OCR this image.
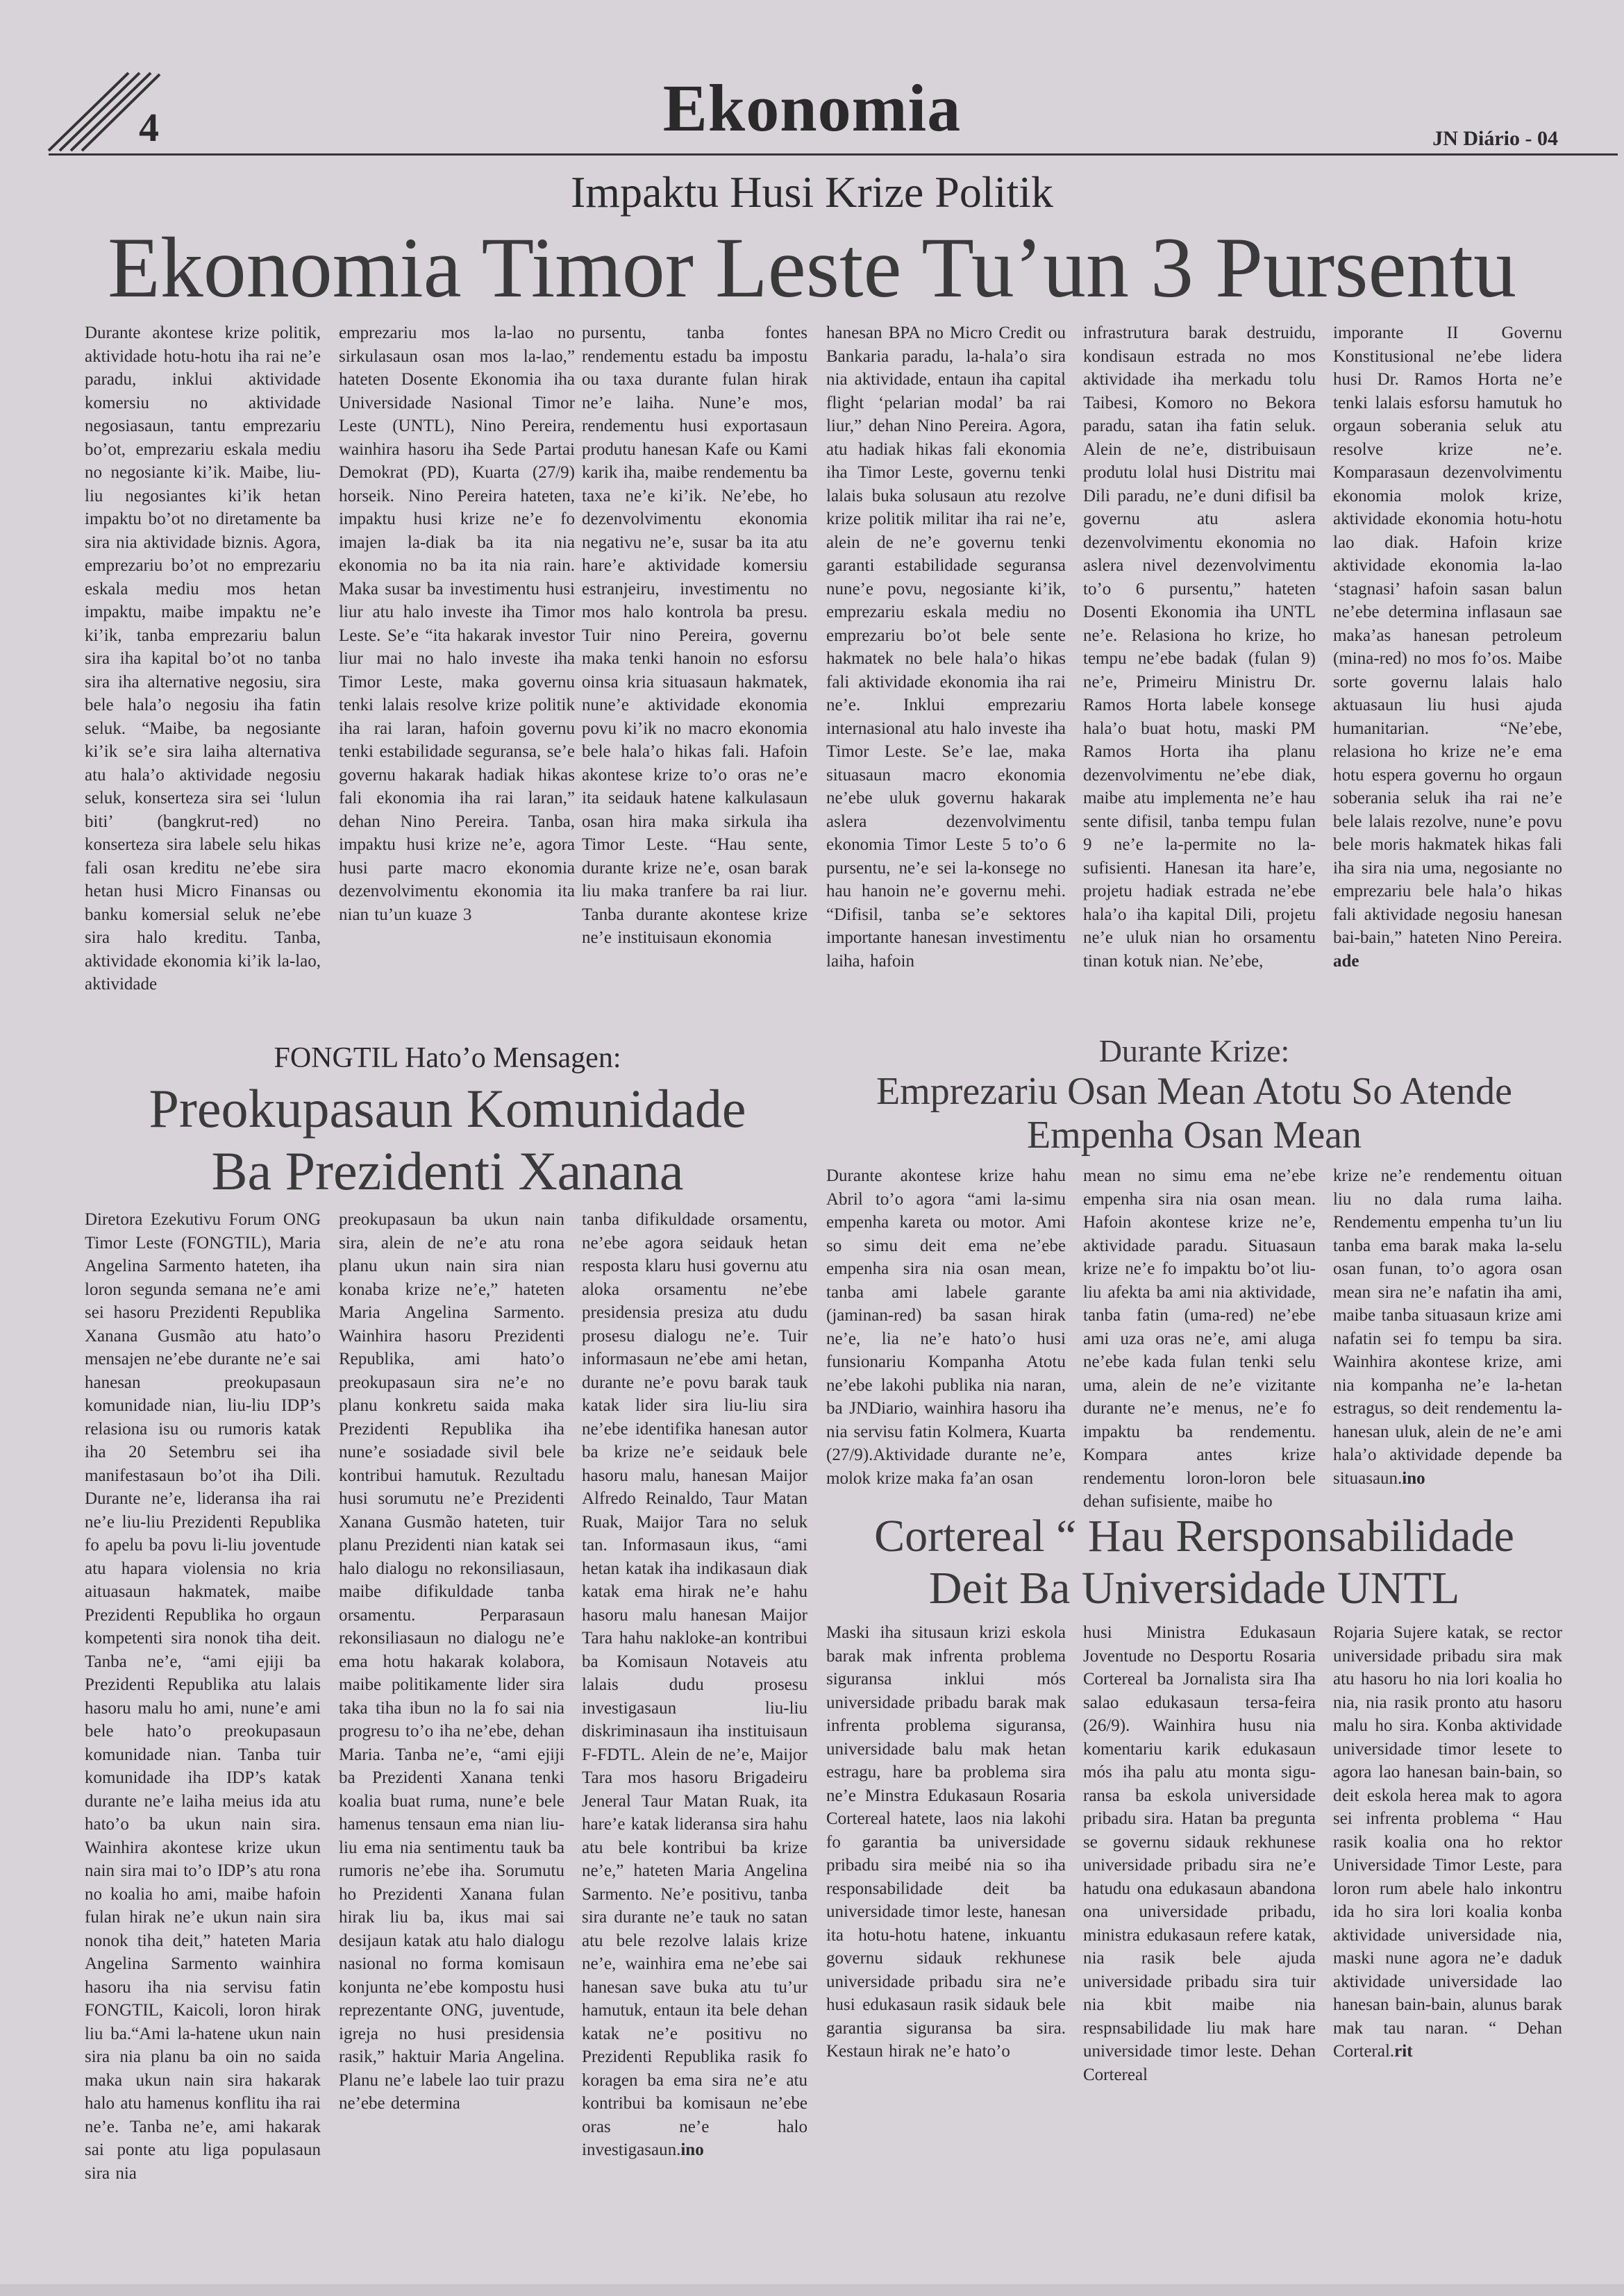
4	Ekonomia	JN Diário - 04
Impaktu Husi Krize Politik
Ekonomia Timor Leste Tu’un 3 Pursentu

Durante akontese krize politik, aktividade hotu-hotu iha rai ne’e paradu, inklui aktividade komersiu no aktividade negosiasaun, tantu emprezariu bo’ot, emprezariu eskala mediu no negosiante ki’ik. Maibe, liu-liu negosiantes ki’ik hetan impaktu bo’ot no diretamente ba sira nia aktividade biznis. Agora, emprezariu bo’ot no emprezariu eskala mediu mos hetan impaktu, maibe impaktu ne’e ki’ik, tanba emprezariu balun sira iha kapital bo’ot no tanba sira iha alternative negosiu, sira bele hala’o negosiu iha fatin seluk. “Maibe, ba negosiante ki’ik se’e sira laiha alternativa atu hala’o aktividade negosiu seluk, konserteza sira sei ‘lulun biti’ (bangkrut-red) no konserteza sira labele selu hikas fali osan kreditu ne’ebe sira hetan husi Micro Finansas ou banku komersial seluk ne’ebe sira halo kreditu. Tanba, aktividade ekonomia ki’ik la-lao, aktividade

emprezariu mos la-lao no sirkulasaun osan mos la-lao,” hateten Dosente Ekonomia iha Universidade Nasional Timor Leste (UNTL), Nino Pereira, wainhira hasoru iha Sede Partai Demokrat (PD), Kuarta (27/9) horseik. Nino Pereira hateten, impaktu husi krize ne’e fo imajen la-diak ba ita nia ekonomia no ba ita nia rain. Maka susar ba investimentu husi liur atu halo investe iha Timor Leste. Se’e “ita hakarak investor liur mai no halo investe iha Timor Leste, maka governu tenki lalais resolve krize politik iha rai laran, hafoin governu tenki estabilidade seguransa, se’e governu hakarak hadiak hikas fali ekonomia iha rai laran,” dehan Nino Pereira. Tanba, impaktu husi krize ne’e, agora husi parte macro ekonomia dezenvolvimentu ekonomia ita nian tu’un kuaze 3

pursentu, tanba fontes rendementu estadu ba impostu ou taxa durante fulan hirak ne’e laiha. Nune’e mos, rendementu husi exportasaun produtu hanesan Kafe ou Kami karik iha, maibe rendementu ba taxa ne’e ki’ik. Ne’ebe, ho dezenvolvimentu ekonomia negativu ne’e, susar ba ita atu hare’e aktividade komersiu estranjeiru, investimentu no mos halo kontrola ba presu. Tuir nino Pereira, governu maka tenki hanoin no esforsu oinsa kria situasaun hakmatek, nune’e aktividade ekonomia povu ki’ik no macro ekonomia bele hala’o hikas fali. Hafoin akontese krize to’o oras ne’e ita seidauk hatene kalkulasaun osan hira maka sirkula iha Timor Leste. “Hau sente, durante krize ne’e, osan barak liu maka tranfere ba rai liur. Tanba durante akontese krize ne’e instituisaun ekonomia

hanesan BPA no Micro Credit ou Bankaria paradu, la-hala’o sira nia aktividade, entaun iha capital flight ‘pelarian modal’ ba rai liur,” dehan Nino Pereira. Agora, atu hadiak hikas fali ekonomia iha Timor Leste, governu tenki lalais buka solusaun atu rezolve krize politik militar iha rai ne’e, alein de ne’e governu tenki garanti estabilidade seguransa nune’e povu, negosiante ki’ik, emprezariu eskala mediu no emprezariu bo’ot bele sente hakmatek no bele hala’o hikas fali aktividade ekonomia iha rai ne’e. Inklui emprezariu internasional atu halo investe iha Timor Leste. Se’e lae, maka situasaun macro ekonomia ne’ebe uluk governu hakarak aslera dezenvolvimentu ekonomia Timor Leste 5 to’o 6 pursentu, ne’e sei la-konsege no hau hanoin ne’e governu mehi. “Difisil, tanba se’e sektores importante hanesan investimentu laiha, hafoin

infrastrutura barak destruidu, kondisaun estrada no mos aktividade iha merkadu tolu Taibesi, Komoro no Bekora paradu, satan iha fatin seluk. Alein de ne’e, distribuisaun produtu lolal husi Distritu mai Dili paradu, ne’e duni difisil ba governu atu aslera dezenvolvimentu ekonomia no aslera nivel dezenvolvimentu to’o 6 pursentu,” hateten Dosenti Ekonomia iha UNTL ne’e. Relasiona ho krize, ho tempu ne’ebe badak (fulan 9) ne’e, Primeiru Ministru Dr. Ramos Horta labele konsege hala’o buat hotu, maski PM Ramos Horta iha planu dezenvolvimentu ne’ebe diak, maibe atu implementa ne’e hau sente difisil, tanba tempu fulan 9 ne’e la-permite no la-sufisienti. Hanesan ita hare’e, projetu hadiak estrada ne’ebe hala’o iha kapital Dili, projetu ne’e uluk nian ho orsamentu tinan kotuk nian. Ne’ebe,

imporante II Governu Konstitusional ne’ebe lidera husi Dr. Ramos Horta ne’e tenki lalais esforsu hamutuk ho orgaun soberania seluk atu resolve krize ne’e. Komparasaun dezenvolvimentu ekonomia molok krize, aktividade ekonomia hotu-hotu lao diak. Hafoin krize aktividade ekonomia la-lao ‘stagnasi’ hafoin sasan balun ne’ebe determina inflasaun sae maka’as hanesan petroleum (mina-red) no mos fo’os. Maibe sorte governu lalais halo aktuasaun liu husi ajuda humanitarian. “Ne’ebe, relasiona ho krize ne’e ema hotu espera governu ho orgaun soberania seluk iha rai ne’e bele lalais rezolve, nune’e povu bele moris hakmatek hikas fali iha sira nia uma, negosiante no emprezariu bele hala’o hikas fali aktividade negosiu hanesan bai-bain,” hateten Nino Pereira. ade

FONGTIL Hato’o Mensagen:
Preokupasaun Komunidade
Ba Prezidenti Xanana

Diretora Ezekutivu Forum ONG Timor Leste (FONGTIL), Maria Angelina Sarmento hateten, iha loron segunda semana ne’e ami sei hasoru Prezidenti Republika Xanana Gusmão atu hato’o mensajen ne’ebe durante ne’e sai hanesan preokupasaun komunidade nian, liu-liu IDP’s relasiona isu ou rumoris katak iha 20 Setembru sei iha manifestasaun bo’ot iha Dili. Durante ne’e, lideransa iha rai ne’e liu-liu Prezidenti Republika fo apelu ba povu li-liu joventude atu hapara violensia no kria aituasaun hakmatek, maibe Prezidenti Republika ho orgaun kompetenti sira nonok tiha deit. Tanba ne’e, “ami ejiji ba Prezidenti Republika atu lalais hasoru malu ho ami, nune’e ami bele hato’o preokupasaun komunidade nian. Tanba tuir komunidade iha IDP’s katak durante ne’e laiha meius ida atu hato’o ba ukun nain sira. Wainhira akontese krize ukun nain sira mai to’o IDP’s atu rona no koalia ho ami, maibe hafoin fulan hirak ne’e ukun nain sira nonok tiha deit,” hateten Maria Angelina Sarmento wainhira hasoru iha nia servisu fatin FONGTIL, Kaicoli, loron hirak liu ba.“Ami la-hatene ukun nain sira nia planu ba oin no saida maka ukun nain sira hakarak halo atu hamenus konflitu iha rai ne’e. Tanba ne’e, ami hakarak sai ponte atu liga populasaun sira nia

preokupasaun ba ukun nain sira, alein de ne’e atu rona planu ukun nain sira nian konaba krize ne’e,” hateten Maria Angelina Sarmento. Wainhira hasoru Prezidenti Republika, ami hato’o preokupasaun sira ne’e no planu konkretu saida maka Prezidenti Republika iha nune’e sosiadade sivil bele kontribui hamutuk. Rezultadu husi sorumutu ne’e Prezidenti Xanana Gusmão hateten, tuir planu Prezidenti nian katak sei halo dialogu no rekonsiliasaun, maibe difikuldade tanba orsamentu. Perparasaun rekonsiliasaun no dialogu ne’e ema hotu hakarak kolabora, maibe politikamente lider sira taka tiha ibun no la fo sai nia progresu to’o iha ne’ebe, dehan Maria. Tanba ne’e, “ami ejiji ba Prezidenti Xanana tenki koalia buat ruma, nune’e bele hamenus tensaun ema nian liu-liu ema nia sentimentu tauk ba rumoris ne’ebe iha. Sorumutu ho Prezidenti Xanana fulan hirak liu ba, ikus mai sai desijaun katak atu halo dialogu nasional no forma komisaun konjunta ne’ebe kompostu husi reprezentante ONG, juventude, igreja no husi presidensia rasik,” haktuir Maria Angelina. Planu ne’e labele lao tuir prazu ne’ebe determina

tanba difikuldade orsamentu, ne’ebe agora seidauk hetan resposta klaru husi governu atu aloka orsamentu ne’ebe presidensia presiza atu dudu prosesu dialogu ne’e. Tuir informasaun ne’ebe ami hetan, durante ne’e povu barak tauk katak lider sira liu-liu sira ne’ebe identifika hanesan autor ba krize ne’e seidauk bele hasoru malu, hanesan Maijor Alfredo Reinaldo, Taur Matan Ruak, Maijor Tara no seluk tan. Informasaun ikus, “ami hetan katak iha indikasaun diak katak ema hirak ne’e hahu hasoru malu hanesan Maijor Tara hahu nakloke-an kontribui ba Komisaun Notaveis atu lalais dudu prosesu investigasaun liu-liu diskriminasaun iha instituisaun F-FDTL. Alein de ne’e, Maijor Tara mos hasoru Brigadeiru Jeneral Taur Matan Ruak, ita hare’e katak lideransa sira hahu atu bele kontribui ba krize ne’e,” hateten Maria Angelina Sarmento. Ne’e positivu, tanba sira durante ne’e tauk no satan atu bele rezolve lalais krize ne’e, wainhira ema ne’ebe sai hanesan save buka atu tu’ur hamutuk, entaun ita bele dehan katak ne’e positivu no Prezidenti Republika rasik fo koragen ba ema sira ne’e atu kontribui ba komisaun ne’ebe oras ne’e halo investigasaun.ino

Durante Krize:
Emprezariu Osan Mean Atotu So Atende
Empenha Osan Mean

Durante akontese krize hahu Abril to’o agora “ami la-simu empenha kareta ou motor. Ami so simu deit ema ne’ebe empenha sira nia osan mean, tanba ami labele garante (jaminan-red) ba sasan hirak ne’e, lia ne’e hato’o husi funsionariu Kompanha Atotu ne’ebe lakohi publika nia naran, ba JNDiario, wainhira hasoru iha nia servisu fatin Kolmera, Kuarta (27/9).Aktividade durante ne’e, molok krize maka fa’an osan

mean no simu ema ne’ebe empenha sira nia osan mean. Hafoin akontese krize ne’e, aktividade paradu. Situasaun krize ne’e fo impaktu bo’ot liu-liu afekta ba ami nia aktividade, tanba fatin (uma-red) ne’ebe ami uza oras ne’e, ami aluga ne’ebe kada fulan tenki selu uma, alein de ne’e vizitante durante ne’e menus, ne’e fo impaktu ba rendementu. Kompara antes krize rendementu loron-loron bele dehan sufisiente, maibe ho

krize ne’e rendementu oituan liu no dala ruma laiha. Rendementu empenha tu’un liu tanba ema barak maka la-selu osan funan, to’o agora osan mean sira ne’e nafatin iha ami, maibe tanba situasaun krize ami nafatin sei fo tempu ba sira. Wainhira akontese krize, ami nia kompanha ne’e la-hetan estragus, so deit rendementu la-hanesan uluk, alein de ne’e ami hala’o aktividade depende ba situasaun.ino

Cortereal “ Hau Rersponsabilidade
Deit Ba Universidade UNTL

Maski iha situsaun krizi eskola barak mak infrenta problema siguransa inklui mós universidade pribadu barak mak infrenta problema siguransa, universidade balu mak hetan estragu, hare ba problema sira ne’e Minstra Edukasaun Rosaria Cortereal hatete, laos nia lakohi fo garantia ba universidade pribadu sira meibé nia so iha responsabilidade deit ba universidade timor leste, hanesan ita hotu-hotu hatene, inkuantu governu sidauk rekhunese universidade pribadu sira ne’e husi edukasaun rasik sidauk bele garantia siguransa ba sira. Kestaun hirak ne’e hato’o

husi Ministra Edukasaun Joventude no Desportu Rosaria Cortereal ba Jornalista sira Iha salao edukasaun tersa-feira (26/9). Wainhira husu nia komentariu karik edukasaun mós iha palu atu monta siguransa ba eskola universidade pribadu sira. Hatan ba pregunta se governu sidauk rekhunese universidade pribadu sira ne’e hatudu ona edukasaun abandona ona universidade pribadu, ministra edukasaun refere katak, nia rasik bele ajuda universidade pribadu sira tuir nia kbit maibe nia respnsabilidade liu mak hare universidade timor leste. Dehan Cortereal

Rojaria Sujere katak, se rector universidade pribadu sira mak atu hasoru ho nia lori koalia ho nia, nia rasik pronto atu hasoru malu ho sira. Konba aktividade universidade timor lesete to agora lao hanesan bain-bain, so deit eskola herea mak to agora sei infrenta problema “ Hau rasik koalia ona ho rektor Universidade Timor Leste, para loron rum abele halo inkontru ida ho sira lori koalia konba aktividade universidade nia, maski nune agora ne’e daduk aktividade universidade lao hanesan bain-bain, alunus barak mak tau naran. “ Dehan Corteral.rit
